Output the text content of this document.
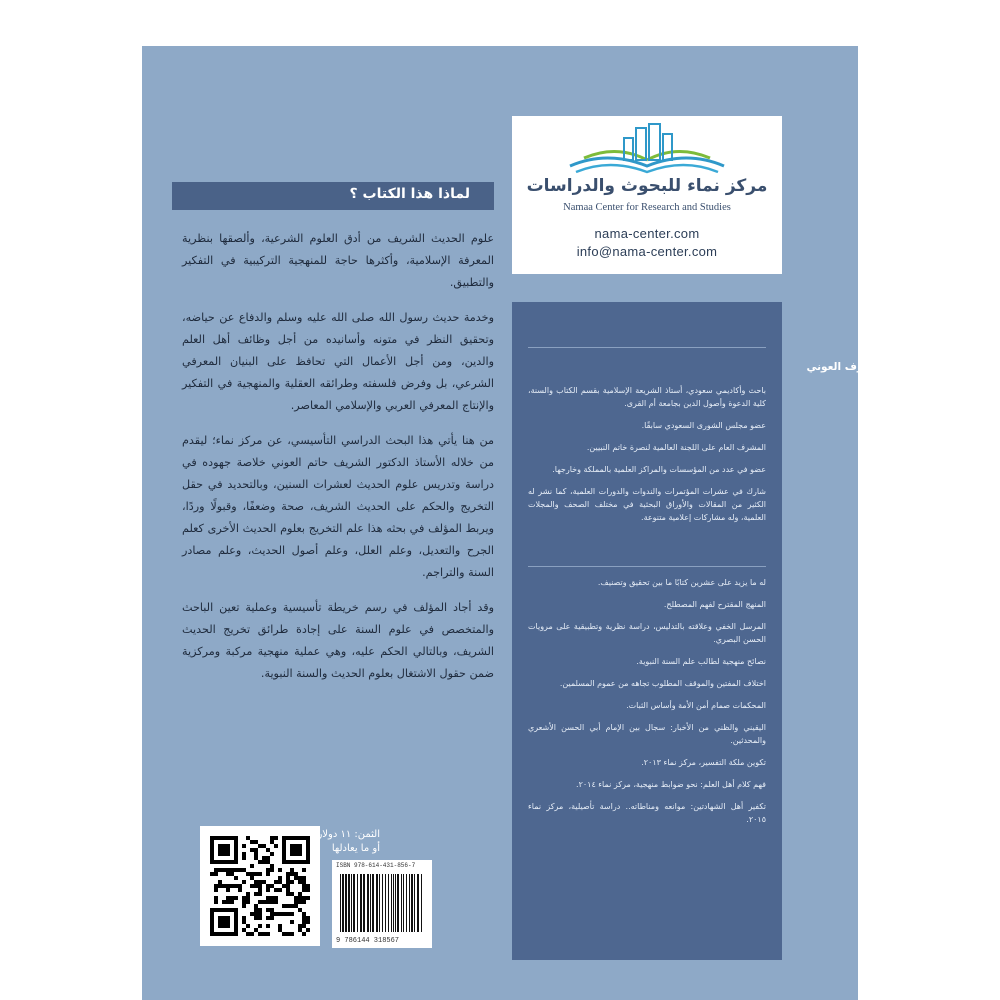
مركز نماء للبحوث والدراسات
Namaa Center for Research and Studies
nama-center.com
info@nama-center.com
لماذا هذا الكتاب ؟

علوم الحديث الشريف من أدق العلوم الشرعية، وألصقها بنظرية المعرفة الإسلامية، وأكثرها حاجة للمنهجية التركيبية في التفكير والتطبيق.

وخدمة حديث رسول الله صلى الله عليه وسلم والدفاع عن حياضه، وتحقيق النظر في متونه وأسانيده من أجل وظائف أهل العلم والدين، ومن أجل الأعمال التي تحافظ على البنيان المعرفي الشرعي، بل وفرض فلسفته وطرائقه العقلية والمنهجية في التفكير والإنتاج المعرفي العربي والإسلامي المعاصر.

من هنا يأتي هذا البحث الدراسي التأسيسي، عن مركز نماء؛ ليقدم من خلاله الأستاذ الدكتور الشريف حاتم العوني خلاصة جهوده في دراسة وتدريس علوم الحديث لعشرات السنين، وبالتحديد في حقل التخريج والحكم على الحديث الشريف، صحة وضعفًا، وقبولًا وردًا، ويربط المؤلف في بحثه هذا علم التخريج بعلوم الحديث الأخرى كعلم الجرح والتعديل، وعلم العلل، وعلم أصول الحديث، وعلم مصادر السنة والتراجم.

وقد أجاد المؤلف في رسم خريطة تأسيسية وعملية تعين الباحث والمتخصص في علوم السنة على إجادة طرائق تخريج الحديث الشريف، وبالتالي الحكم عليه، وهي عملية منهجية مركبة ومركزية ضمن حقول الاشتغال بعلوم الحديث والسنة النبوية.

المؤلف:
أ.د. الشريف حاتم بن عارف العوني

باحث وأكاديمي سعودي، أستاذ الشريعة الإسلامية بقسم الكتاب والسنة، كلية الدعوة وأصول الدين بجامعة أم القرى.

عضو مجلس الشورى السعودي سابقًا.

المشرف العام على اللجنة العالمية لنصرة خاتم النبيين.

عضو في عدد من المؤسسات والمراكز العلمية بالمملكة وخارجها.

شارك في عشرات المؤتمرات والندوات والدورات العلمية، كما نشر له الكثير من المقالات والأوراق البحثية في مختلف الصحف والمجلات العلمية، وله مشاركات إعلامية متنوعة.

من إسهاماته البحثية:

له ما يزيد على عشرين كتابًا ما بين تحقيق وتصنيف.

المنهج المقترح لفهم المصطلح.

المرسل الخفي وعلاقته بالتدليس، دراسة نظرية وتطبيقية على مرويات الحسن البصري.

نصائح منهجية لطالب علم السنة النبوية.

اختلاف المفتين والموقف المطلوب تجاهه من عموم المسلمين.

المحكمات صمام أمن الأمة وأساس الثبات.

اليقيني والظني من الأخبار: سجال بين الإمام أبي الحسن الأشعري والمحدثين.

تكوين ملكة التفسير، مركز نماء ٢٠١٣.

فهم كلام أهل العلم: نحو ضوابط منهجية، مركز نماء ٢٠١٤.

تكفير أهل الشهادتين: موانعه ومناطاته.. دراسة تأصيلية، مركز نماء ٢٠١٥.

الثمن: ١١ دولار
أو ما يعادلها
ISBN 978-614-431-856-7
9 786144 318567
